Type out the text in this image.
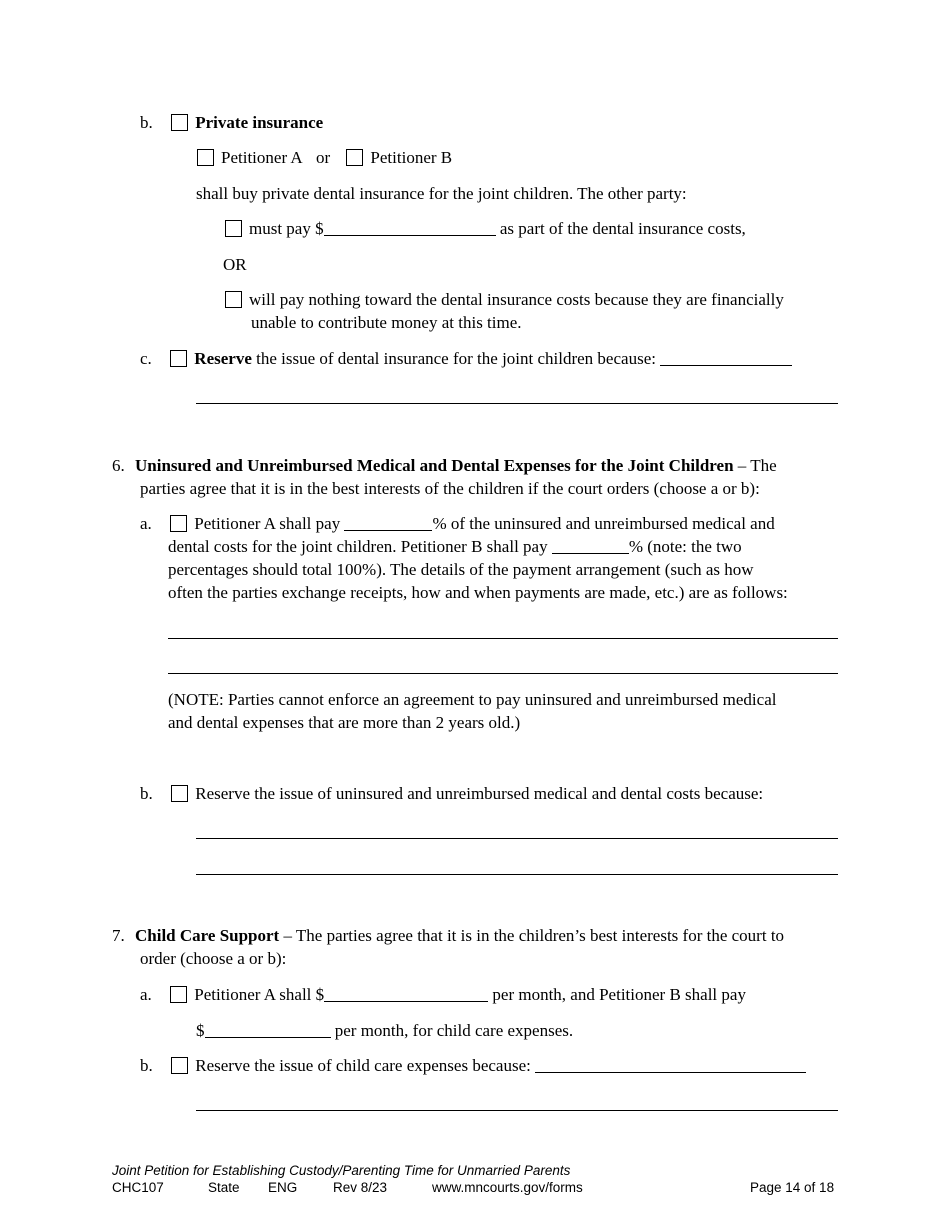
b.	Private insurance
Petitioner A or Petitioner B
shall buy private dental insurance for the joint children. The other party:
must pay $	as part of the dental insurance costs,
OR
will pay nothing toward the dental insurance costs because they are financially
unable to contribute money at this time.
c.	Reserve the issue of dental insurance for the joint children because:
6. Uninsured and Unreimbursed Medical and Dental Expenses for the Joint Children – The
parties agree that it is in the best interests of the children if the court orders (choose a or b):
a.	Petitioner A shall pay	% of the uninsured and unreimbursed medical and
dental costs for the joint children. Petitioner B shall pay	% (note: the two
percentages should total 100%). The details of the payment arrangement (such as how
often the parties exchange receipts, how and when payments are made, etc.) are as follows:
(NOTE: Parties cannot enforce an agreement to pay uninsured and unreimbursed medical
and dental expenses that are more than 2 years old.)
b.	Reserve the issue of uninsured and unreimbursed medical and dental costs because:
7. Child Care Support – The parties agree that it is in the children’s best interests for the court to
order (choose a or b):
a.	Petitioner A shall $	per month, and Petitioner B shall pay
$	per month, for child care expenses.
b.	Reserve the issue of child care expenses because:
Joint Petition for Establishing Custody/Parenting Time for Unmarried Parents
CHC107	State ENG	Rev 8/23	www.mncourts.gov/forms	Page 14 of 18
